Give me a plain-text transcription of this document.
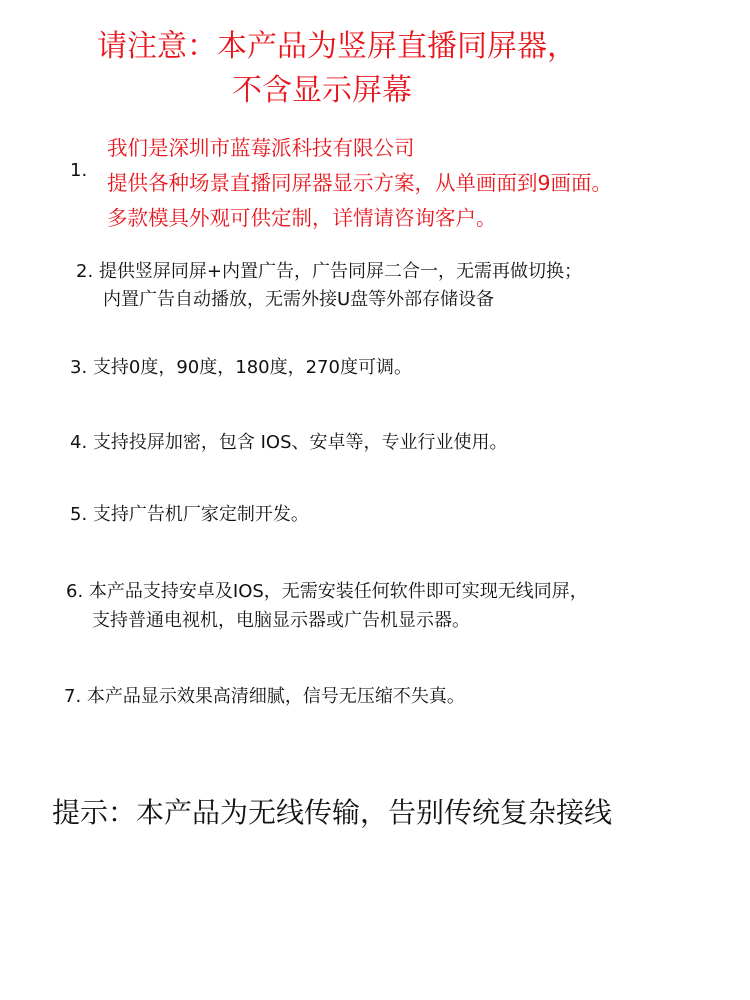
请注意：本产品为竖屏直播同屏器，
不含显示屏幕
1.
我们是深圳市蓝莓派科技有限公司
提供各种场景直播同屏器显示方案，从单画面到9画面。
多款模具外观可供定制，详情请咨询客户。
2. 提供竖屏同屏+内置广告，广告同屏二合一，无需再做切换；
内置广告自动播放，无需外接U盘等外部存储设备
3. 支持0度，90度，180度，270度可调。
4. 支持投屏加密，包含 IOS、安卓等，专业行业使用。
5. 支持广告机厂家定制开发。
6. 本产品支持安卓及IOS，无需安装任何软件即可实现无线同屏，
支持普通电视机，电脑显示器或广告机显示器。
7. 本产品显示效果高清细腻，信号无压缩不失真。
提示：本产品为无线传输，告别传统复杂接线
